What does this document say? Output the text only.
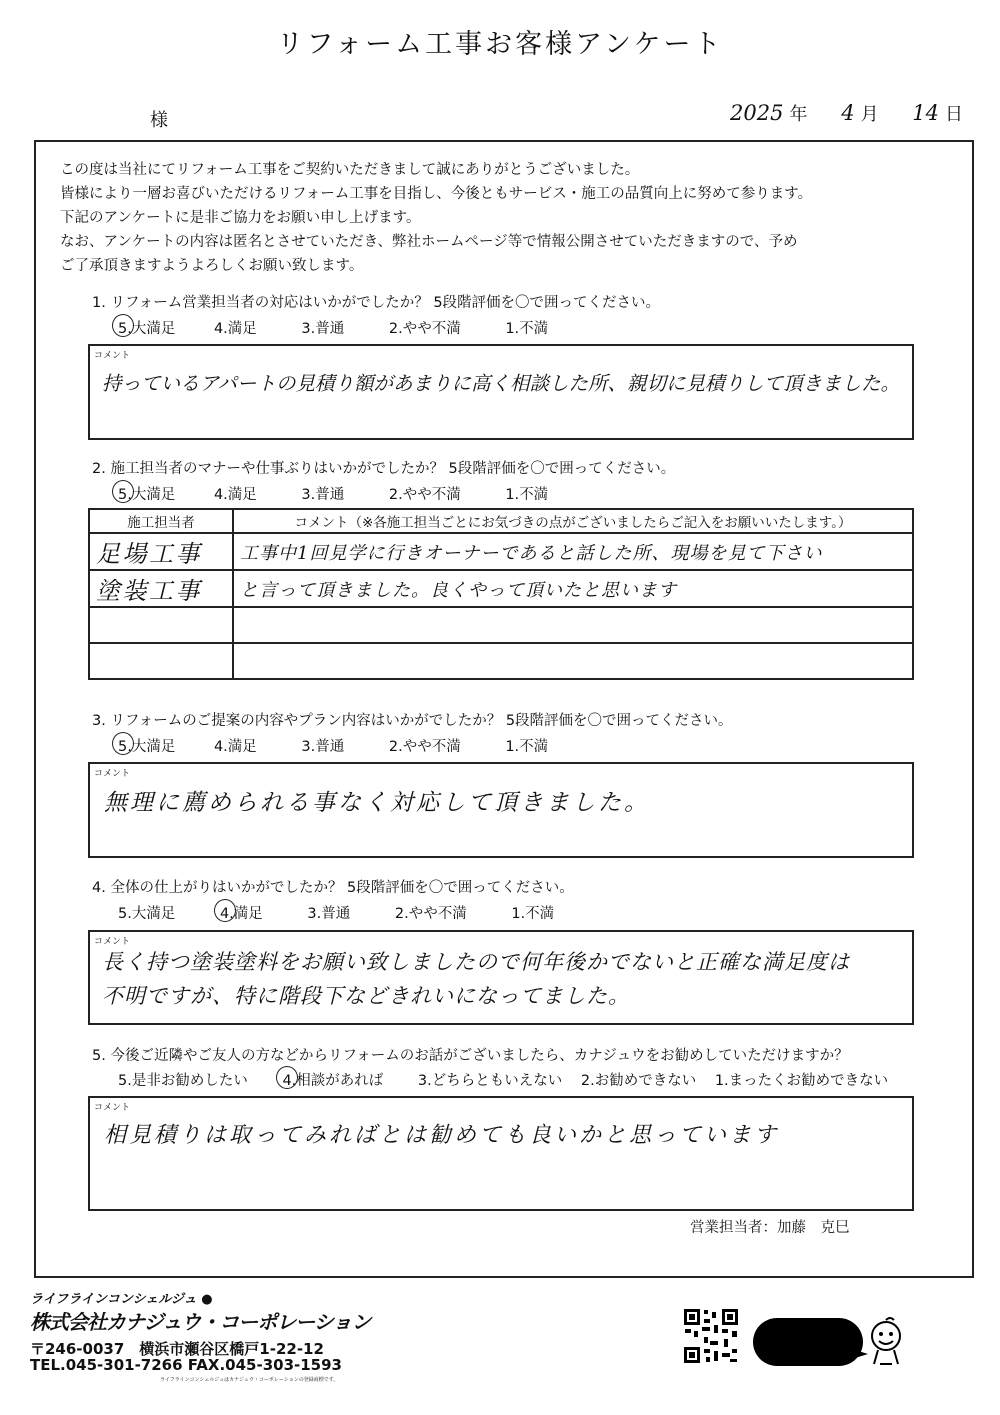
リフォーム工事お客様アンケート
様	2025 年 4 月 14 日
この度は当社にてリフォーム工事をご契約いただきまして誠にありがとうございました。
皆様により一層お喜びいただけるリフォーム工事を目指し、今後ともサービス・施工の品質向上に努めて参ります。
下記のアンケートに是非ご協力をお願い申し上げます。
なお、アンケートの内容は匿名とさせていただき、弊社ホームページ等で情報公開させていただきますので、予め
ご了承頂きますようよろしくお願い致します。
1. リフォーム営業担当者の対応はいかがでしたか？ 5段階評価を〇で囲ってください。
5.大満足	4.満足	3.普通	2.やや不満	1.不満
コメント
持っているアパートの見積り額があまりに高く相談した所、親切に見積りして頂きました。
2. 施工担当者のマナーや仕事ぶりはいかがでしたか？ 5段階評価を〇で囲ってください。
5.大満足	4.満足	3.普通	2.やや不満	1.不満
施工担当者	コメント（※各施工担当ごとにお気づきの点がございましたらご記入をお願いいたします。）
足場工事	工事中1回見学に行きオーナーであると話した所、現場を見て下さい
塗装工事	と言って頂きました。良くやって頂いたと思います

3. リフォームのご提案の内容やプラン内容はいかがでしたか？ 5段階評価を〇で囲ってください。
5.大満足	4.満足	3.普通	2.やや不満	1.不満
コメント
無理に薦められる事なく対応して頂きました。
4. 全体の仕上がりはいかがでしたか？ 5段階評価を〇で囲ってください。
5.大満足	4.満足	3.普通	2.やや不満	1.不満
コメント
長く持つ塗装塗料をお願い致しましたので何年後かでないと正確な満足度は
不明ですが、特に階段下などきれいになってました。
5. 今後ご近隣やご友人の方などからリフォームのお話がございましたら、カナジュウをお勧めしていただけますか？
5.是非お勧めしたい 4.相談があれば 3.どちらともいえない 2.お勧めできない 1.まったくお勧めできない
コメント
相見積りは取ってみればとは勧めても良いかと思っています
営業担当者：加藤　克巳
ライフラインコンシェルジュ ●
株式会社カナジュウ・コーポレーション
〒246-0037　横浜市瀬谷区橋戸1-22-12
TEL.045-301-7266 FAX.045-303-1593
ライフラインコンシェルジュはカナジュウ・コーポレーションの登録商標です。
